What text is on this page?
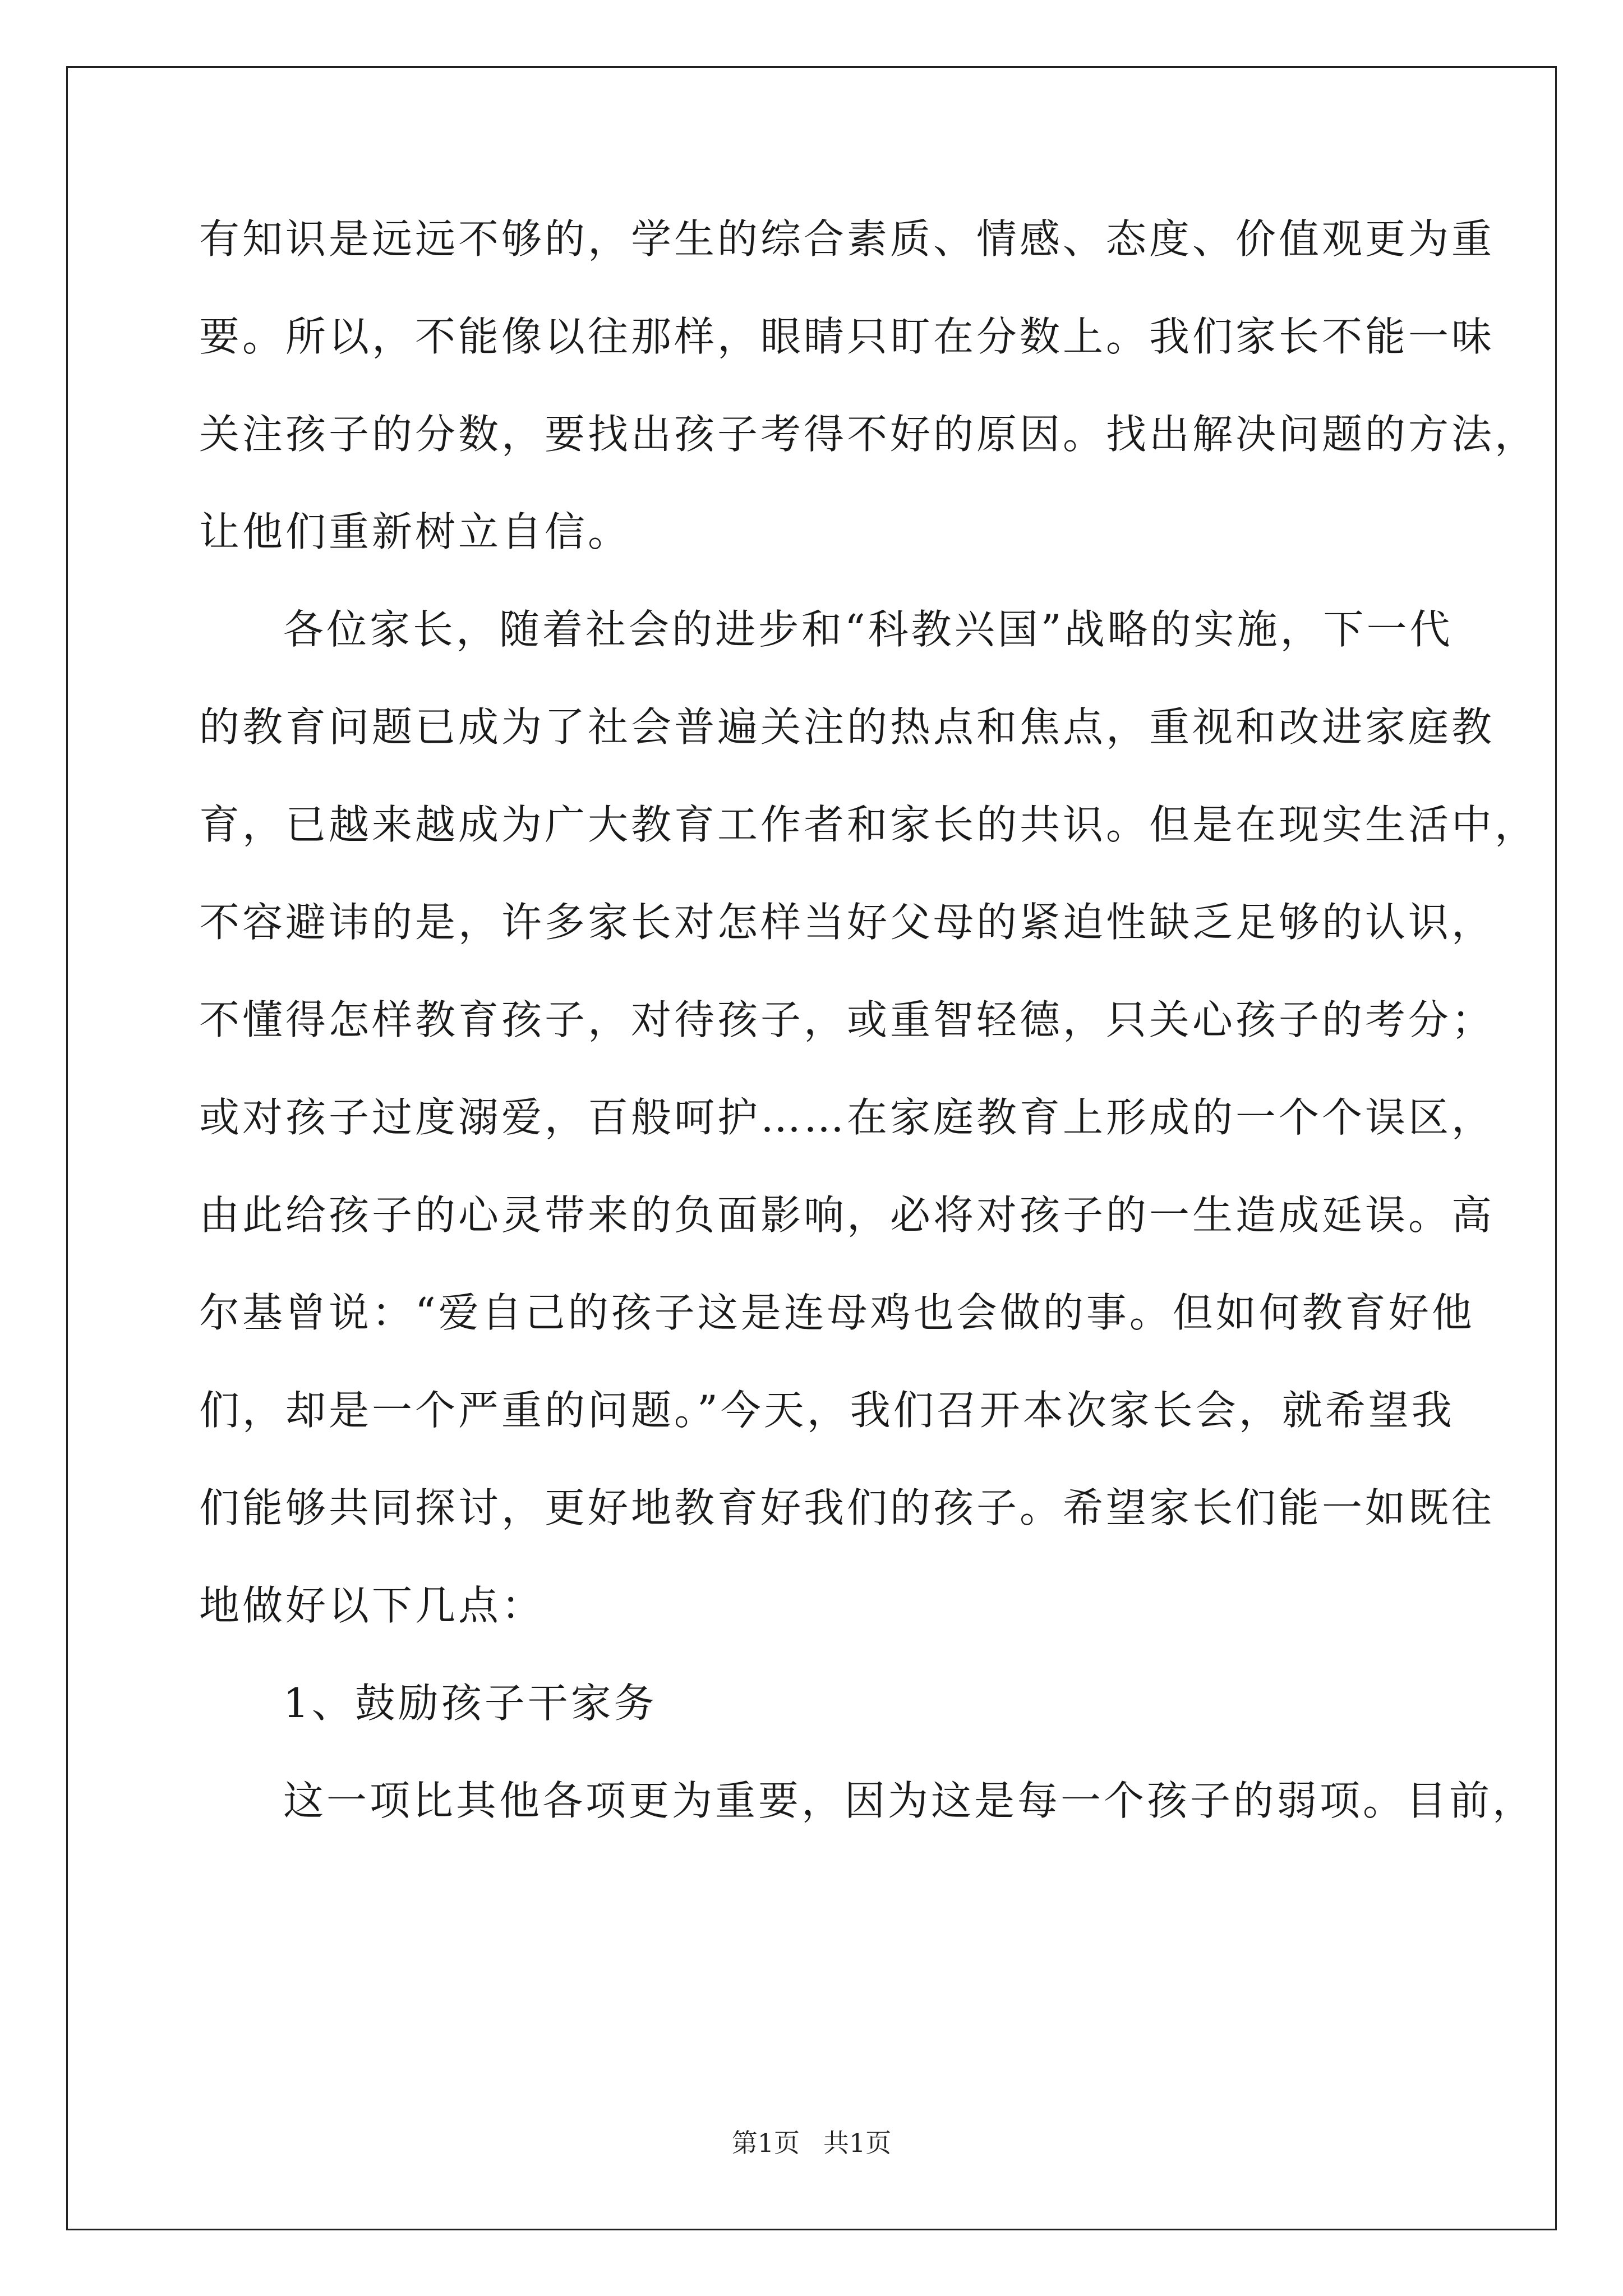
有知识是远远不够的，学生的综合素质、情感、态度、价值观更为重
要。所以，不能像以往那样，眼睛只盯在分数上。我们家长不能一味
关注孩子的分数，要找出孩子考得不好的原因。找出解决问题的方法，
让他们重新树立自信。
各位家长，随着社会的进步和“科教兴国”战略的实施，下一代
的教育问题已成为了社会普遍关注的热点和焦点，重视和改进家庭教
育，已越来越成为广大教育工作者和家长的共识。但是在现实生活中，
不容避讳的是，许多家长对怎样当好父母的紧迫性缺乏足够的认识，
不懂得怎样教育孩子，对待孩子，或重智轻德，只关心孩子的考分；
或对孩子过度溺爱，百般呵护……在家庭教育上形成的一个个误区，
由此给孩子的心灵带来的负面影响，必将对孩子的一生造成延误。高
尔基曾说：“爱自己的孩子这是连母鸡也会做的事。但如何教育好他
们，却是一个严重的问题。”今天，我们召开本次家长会，就希望我
们能够共同探讨，更好地教育好我们的孩子。希望家长们能一如既往
地做好以下几点：
1、鼓励孩子干家务
这一项比其他各项更为重要，因为这是每一个孩子的弱项。目前，
第1页 共1页
